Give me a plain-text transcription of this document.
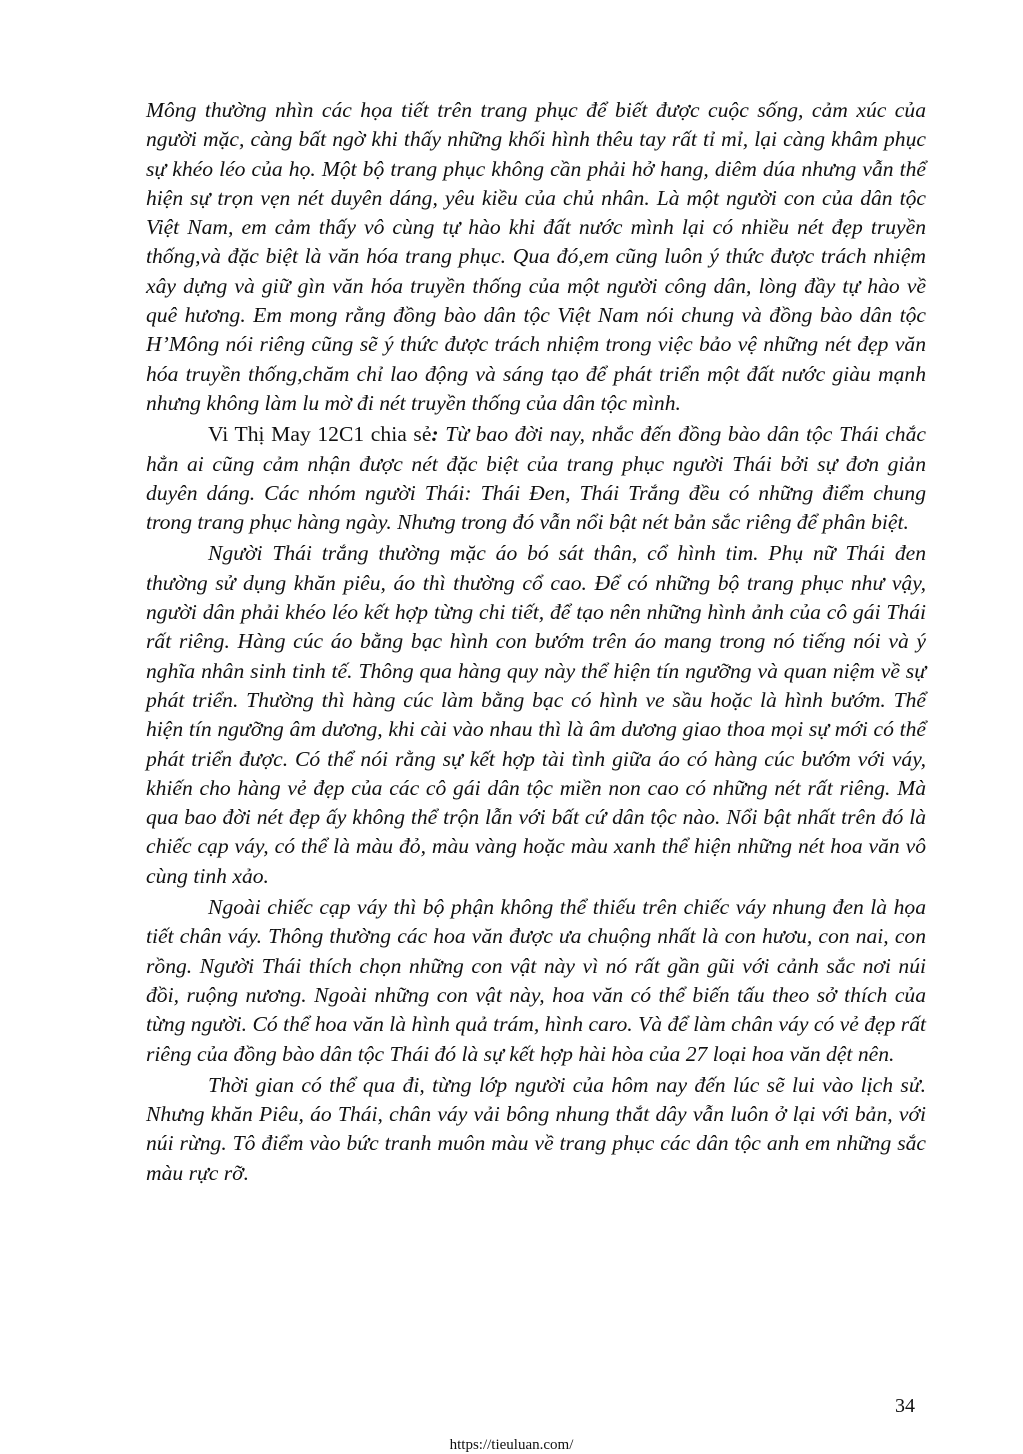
Mông thường nhìn các họa tiết trên trang phục để biết được cuộc sống, cảm xúc của người mặc, càng bất ngờ khi thấy những khối hình thêu tay rất tỉ mỉ, lại càng khâm phục sự khéo léo của họ. Một bộ trang phục không cần phải hở hang, diêm dúa nhưng vẫn thể hiện sự trọn vẹn nét duyên dáng, yêu kiều của chủ nhân. Là một người con của dân tộc Việt Nam, em cảm thấy vô cùng tự hào khi đất nước mình lại có nhiều nét đẹp truyền thống,và đặc biệt là văn hóa trang phục. Qua đó,em cũng luôn ý thức được trách nhiệm xây dựng và giữ gìn văn hóa truyền thống của một người công dân, lòng đầy tự hào về quê hương. Em mong rằng đồng bào dân tộc Việt Nam nói chung và đồng bào dân tộc H’Mông nói riêng cũng sẽ ý thức được trách nhiệm trong việc bảo vệ những nét đẹp văn hóa truyền thống,chăm chỉ lao động và sáng tạo để phát triển một đất nước giàu mạnh nhưng không làm lu mờ đi nét truyền thống của dân tộc mình.

Vi Thị May 12C1 chia sẻ: Từ bao đời nay, nhắc đến đồng bào dân tộc Thái chắc hẳn ai cũng cảm nhận được nét đặc biệt của trang phục người Thái bởi sự đơn giản duyên dáng. Các nhóm người Thái: Thái Đen, Thái Trắng đều có những điểm chung trong trang phục hàng ngày. Nhưng trong đó vẫn nổi bật nét bản sắc riêng để phân biệt.

Người Thái trắng thường mặc áo bó sát thân, cổ hình tim. Phụ nữ Thái đen thường sử dụng khăn piêu, áo thì thường cổ cao. Để có những bộ trang phục như vậy, người dân phải khéo léo kết hợp từng chi tiết, để tạo nên những hình ảnh của cô gái Thái rất riêng. Hàng cúc áo bằng bạc hình con bướm trên áo mang trong nó tiếng nói và ý nghĩa nhân sinh tinh tế. Thông qua hàng quy này thể hiện tín ngưỡng và quan niệm về sự phát triển. Thường thì hàng cúc làm bằng bạc có hình ve sầu hoặc là hình bướm. Thể hiện tín ngưỡng âm dương, khi cài vào nhau thì là âm dương giao thoa mọi sự mới có thể phát triển được. Có thể nói rằng sự kết hợp tài tình giữa áo có hàng cúc bướm với váy, khiến cho hàng vẻ đẹp của các cô gái dân tộc miền non cao có những nét rất riêng. Mà qua bao đời nét đẹp ấy không thể trộn lẫn với bất cứ dân tộc nào. Nổi bật nhất trên đó là chiếc cạp váy, có thể là màu đỏ, màu vàng hoặc màu xanh thể hiện những nét hoa văn vô cùng tinh xảo.

Ngoài chiếc cạp váy thì bộ phận không thể thiếu trên chiếc váy nhung đen là họa tiết chân váy. Thông thường các hoa văn được ưa chuộng nhất là con hươu, con nai, con rồng. Người Thái thích chọn những con vật này vì nó rất gần gũi với cảnh sắc nơi núi đồi, ruộng nương. Ngoài những con vật này, hoa văn có thể biến tấu theo sở thích của từng người. Có thể hoa văn là hình quả trám, hình caro. Và để làm chân váy có vẻ đẹp rất riêng của đồng bào dân tộc Thái đó là sự kết hợp hài hòa của 27 loại hoa văn dệt nên.

Thời gian có thể qua đi, từng lớp người của hôm nay đến lúc sẽ lui vào lịch sử. Nhưng khăn Piêu, áo Thái, chân váy vải bông nhung thắt dây vẫn luôn ở lại với bản, với núi rừng. Tô điểm vào bức tranh muôn màu về trang phục các dân tộc anh em những sắc màu rực rỡ.

34
https://tieuluan.com/
